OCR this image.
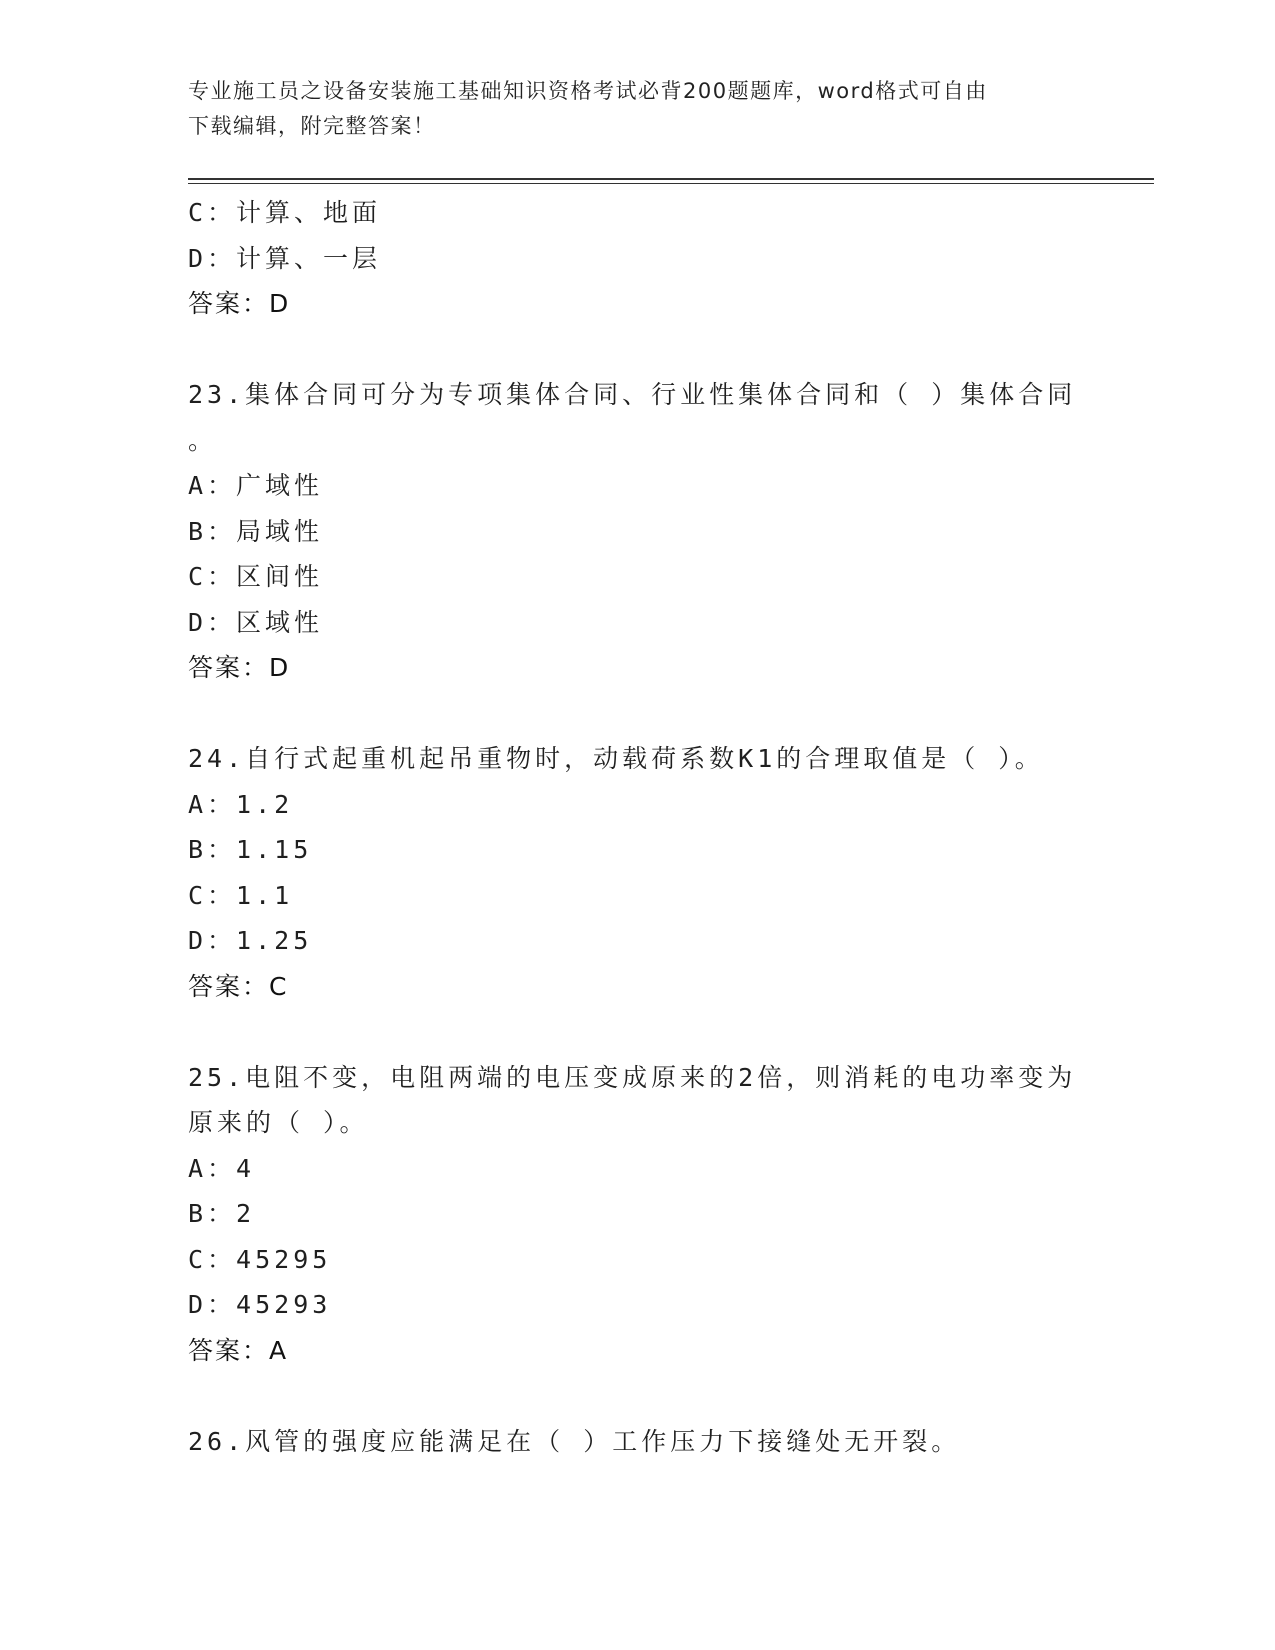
专业施工员之设备安装施工基础知识资格考试必背200题题库，word格式可自由
下载编辑，附完整答案！
C：计算、地面
D：计算、一层
答案：D
23.集体合同可分为专项集体合同、行业性集体合同和（ ）集体合同
。
A：广域性
B：局域性
C：区间性
D：区域性
答案：D
24.自行式起重机起吊重物时，动载荷系数K1的合理取值是（ ）。
A：1.2
B：1.15
C：1.1
D：1.25
答案：C
25.电阻不变，电阻两端的电压变成原来的2倍，则消耗的电功率变为
原来的（ ）。
A：4
B：2
C：45295
D：45293
答案：A
26.风管的强度应能满足在（ ）工作压力下接缝处无开裂。
